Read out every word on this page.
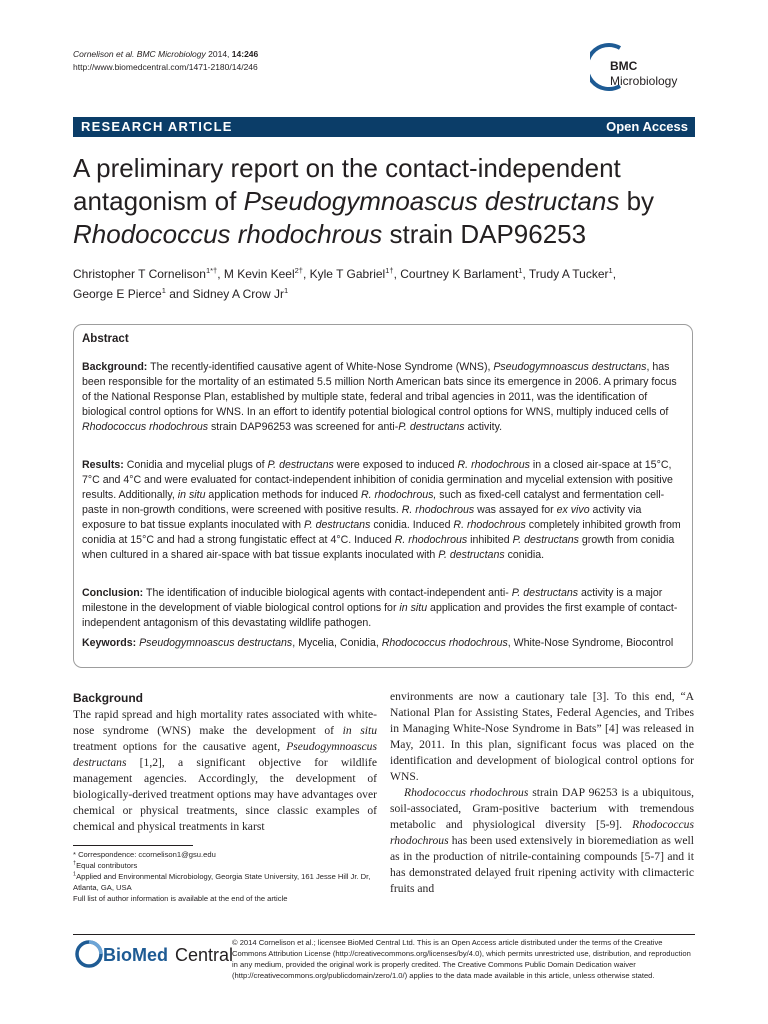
Cornelison et al. BMC Microbiology 2014, 14:246
http://www.biomedcentral.com/1471-2180/14/246	BMC
Microbiology
RESEARCH ARTICLE	Open Access
A preliminary report on the contact-independent
antagonism of Pseudogymnoascus destructans by
Rhodococcus rhodochrous strain DAP96253
Christopher T Cornelison$^{1*\dagger}$, M Kevin Keel$^{2\dagger}$, Kyle T Gabriel$^{1\dagger}$, Courtney K Barlament$^1$, Trudy A Tucker$^1$,
George E Pierce$^1$ and Sidney A Crow Jr$^1$
Abstract
Background: The recently-identified causative agent of White-Nose Syndrome (WNS), Pseudogymnoascus destructans, has been responsible for the mortality of an estimated 5.5 million North American bats since its emergence in 2006. A primary focus of the National Response Plan, established by multiple state, federal and tribal agencies in 2011, was the identification of biological control options for WNS. In an effort to identify potential biological control options for WNS, multiply induced cells of Rhodococcus rhodochrous strain DAP96253 was screened for anti-P. destructans activity.
Results: Conidia and mycelial plugs of P. destructans were exposed to induced R. rhodochrous in a closed air-space at 15°C, 7°C and 4°C and were evaluated for contact-independent inhibition of conidia germination and mycelial extension with positive results. Additionally, in situ application methods for induced R. rhodochrous, such as fixed-cell catalyst and fermentation cell-paste in non-growth conditions, were screened with positive results. R. rhodochrous was assayed for ex vivo activity via exposure to bat tissue explants inoculated with P. destructans conidia. Induced R. rhodochrous completely inhibited growth from conidia at 15°C and had a strong fungistatic effect at 4°C. Induced R. rhodochrous inhibited P. destructans growth from conidia when cultured in a shared air-space with bat tissue explants inoculated with P. destructans conidia.
Conclusion: The identification of inducible biological agents with contact-independent anti- P. destructans activity is a major milestone in the development of viable biological control options for in situ application and provides the first example of contact-independent antagonism of this devastating wildlife pathogen.
Keywords: Pseudogymnoascus destructans, Mycelia, Conidia, Rhodococcus rhodochrous, White-Nose Syndrome, Biocontrol
Background

The rapid spread and high mortality rates associated with white-nose syndrome (WNS) make the development of in situ treatment options for the causative agent, Pseudogymnoascus destructans [1,2], a significant objective for wildlife management agencies. Accordingly, the development of biologically-derived treatment options may have advantages over chemical or physical treatments, since classic examples of chemical and physical treatments in karst

environments are now a cautionary tale [3]. To this end, “A National Plan for Assisting States, Federal Agencies, and Tribes in Managing White-Nose Syndrome in Bats” [4] was released in May, 2011. In this plan, significant focus was placed on the identification and development of biological control options for WNS.

Rhodococcus rhodochrous strain DAP 96253 is a ubiquitous, soil-associated, Gram-positive bacterium with tremendous metabolic and physiological diversity [5-9]. Rhodococcus rhodochrous has been used extensively in bioremediation as well as in the production of nitrile-containing compounds [5-7] and it has demonstrated delayed fruit ripening activity with climacteric fruits and

* Correspondence: ccornelison1@gsu.edu
†Equal contributors
$^1$Applied and Environmental Microbiology, Georgia State University, 161 Jesse Hill Jr. Dr, Atlanta, GA, USA
Full list of author information is available at the end of the article
BioMed Central
© 2014 Cornelison et al.; licensee BioMed Central Ltd. This is an Open Access article distributed under the terms of the Creative Commons Attribution License (http://creativecommons.org/licenses/by/4.0), which permits unrestricted use, distribution, and reproduction in any medium, provided the original work is properly credited. The Creative Commons Public Domain Dedication waiver (http://creativecommons.org/publicdomain/zero/1.0/) applies to the data made available in this article, unless otherwise stated.
